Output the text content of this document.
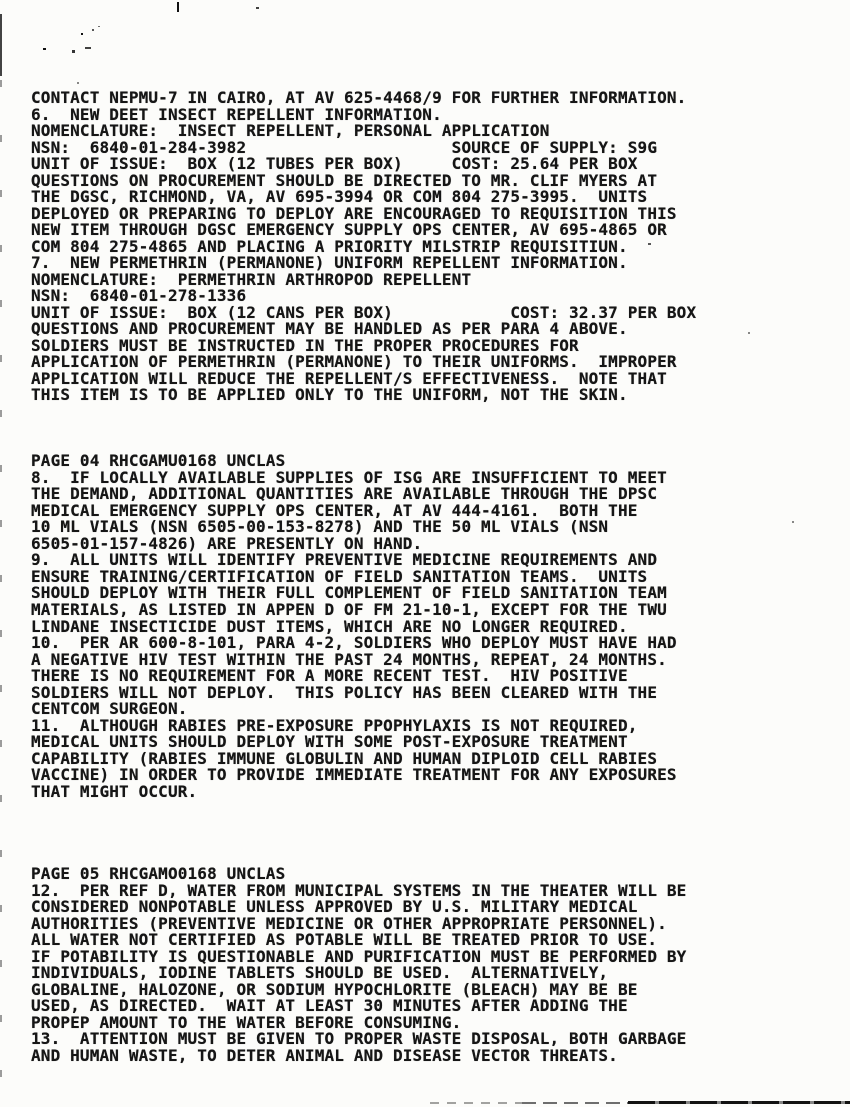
CONTACT NEPMU-7 IN CAIRO, AT AV 625-4468/9 FOR FURTHER INFORMATION.
6.  NEW DEET INSECT REPELLENT INFORMATION.
NOMENCLATURE:  INSECT REPELLENT, PERSONAL APPLICATION
NSN:  6840-01-284-3982                     SOURCE OF SUPPLY: S9G
UNIT OF ISSUE:  BOX (12 TUBES PER BOX)     COST: 25.64 PER BOX
QUESTIONS ON PROCUREMENT SHOULD BE DIRECTED TO MR. CLIF MYERS AT
THE DGSC, RICHMOND, VA, AV 695-3994 OR COM 804 275-3995.  UNITS
DEPLOYED OR PREPARING TO DEPLOY ARE ENCOURAGED TO REQUISITION THIS
NEW ITEM THROUGH DGSC EMERGENCY SUPPLY OPS CENTER, AV 695-4865 OR
COM 804 275-4865 AND PLACING A PRIORITY MILSTRIP REQUISITIUN.
7.  NEW PERMETHRIN (PERMANONE) UNIFORM REPELLENT INFORMATION.
NOMENCLATURE:  PERMETHRIN ARTHROPOD REPELLENT
NSN:  6840-01-278-1336
UNIT OF ISSUE:  BOX (12 CANS PER BOX)            COST: 32.37 PER BOX
QUESTIONS AND PROCUREMENT MAY BE HANDLED AS PER PARA 4 ABOVE.
SOLDIERS MUST BE INSTRUCTED IN THE PROPER PROCEDURES FOR
APPLICATION OF PERMETHRIN (PERMANONE) TO THEIR UNIFORMS.  IMPROPER
APPLICATION WILL REDUCE THE REPELLENT/S EFFECTIVENESS.  NOTE THAT
THIS ITEM IS TO BE APPLIED ONLY TO THE UNIFORM, NOT THE SKIN.
PAGE 04 RHCGAMU0168 UNCLAS
8.  IF LOCALLY AVAILABLE SUPPLIES OF ISG ARE INSUFFICIENT TO MEET
THE DEMAND, ADDITIONAL QUANTITIES ARE AVAILABLE THROUGH THE DPSC
MEDICAL EMERGENCY SUPPLY OPS CENTER, AT AV 444-4161.  BOTH THE
10 ML VIALS (NSN 6505-00-153-8278) AND THE 50 ML VIALS (NSN
6505-01-157-4826) ARE PRESENTLY ON HAND.
9.  ALL UNITS WILL IDENTIFY PREVENTIVE MEDICINE REQUIREMENTS AND
ENSURE TRAINING/CERTIFICATION OF FIELD SANITATION TEAMS.  UNITS
SHOULD DEPLOY WITH THEIR FULL COMPLEMENT OF FIELD SANITATION TEAM
MATERIALS, AS LISTED IN APPEN D OF FM 21-10-1, EXCEPT FOR THE TWU
LINDANE INSECTICIDE DUST ITEMS, WHICH ARE NO LONGER REQUIRED.
10.  PER AR 600-8-101, PARA 4-2, SOLDIERS WHO DEPLOY MUST HAVE HAD
A NEGATIVE HIV TEST WITHIN THE PAST 24 MONTHS, REPEAT, 24 MONTHS.
THERE IS NO REQUIREMENT FOR A MORE RECENT TEST.  HIV POSITIVE
SOLDIERS WILL NOT DEPLOY.  THIS POLICY HAS BEEN CLEARED WITH THE
CENTCOM SURGEON.
11.  ALTHOUGH RABIES PRE-EXPOSURE PPOPHYLAXIS IS NOT REQUIRED,
MEDICAL UNITS SHOULD DEPLOY WITH SOME POST-EXPOSURE TREATMENT
CAPABILITY (RABIES IMMUNE GLOBULIN AND HUMAN DIPLOID CELL RABIES
VACCINE) IN ORDER TO PROVIDE IMMEDIATE TREATMENT FOR ANY EXPOSURES
THAT MIGHT OCCUR.
PAGE 05 RHCGAMO0168 UNCLAS
12.  PER REF D, WATER FROM MUNICIPAL SYSTEMS IN THE THEATER WILL BE
CONSIDERED NONPOTABLE UNLESS APPROVED BY U.S. MILITARY MEDICAL
AUTHORITIES (PREVENTIVE MEDICINE OR OTHER APPROPRIATE PERSONNEL).
ALL WATER NOT CERTIFIED AS POTABLE WILL BE TREATED PRIOR TO USE.
IF POTABILITY IS QUESTIONABLE AND PURIFICATION MUST BE PERFORMED BY
INDIVIDUALS, IODINE TABLETS SHOULD BE USED.  ALTERNATIVELY,
GLOBALINE, HALOZONE, OR SODIUM HYPOCHLORITE (BLEACH) MAY BE BE
USED, AS DIRECTED.  WAIT AT LEAST 30 MINUTES AFTER ADDING THE
PROPEP AMOUNT TO THE WATER BEFORE CONSUMING.
13.  ATTENTION MUST BE GIVEN TO PROPER WASTE DISPOSAL, BOTH GARBAGE
AND HUMAN WASTE, TO DETER ANIMAL AND DISEASE VECTOR THREATS.
